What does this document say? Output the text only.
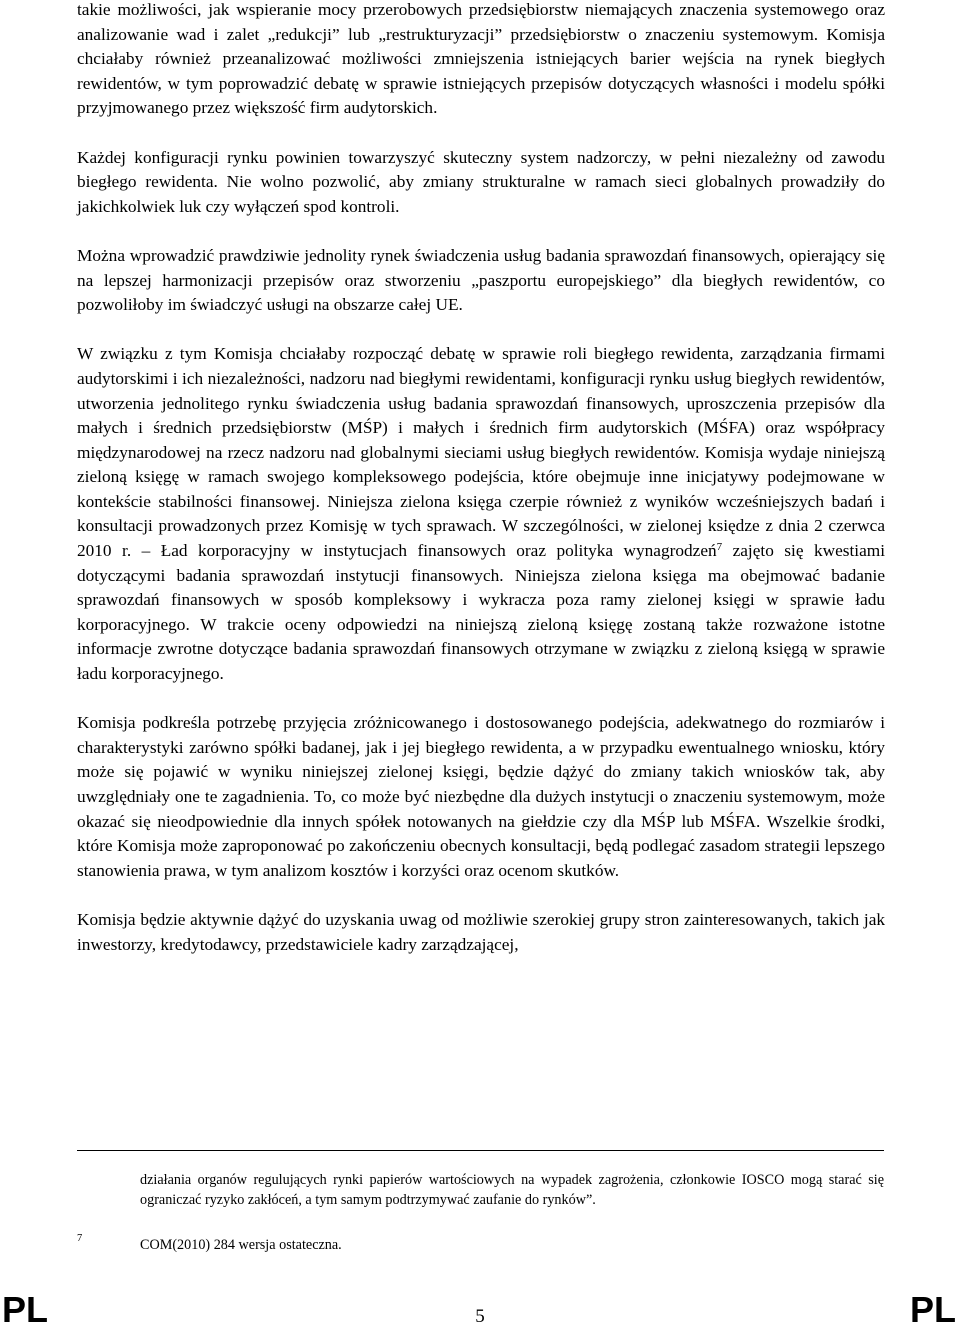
takie możliwości, jak wspieranie mocy przerobowych przedsiębiorstw niemających znaczenia systemowego oraz analizowanie wad i zalet „redukcji” lub „restrukturyzacji” przedsiębiorstw o znaczeniu systemowym. Komisja chciałaby również przeanalizować możliwości zmniejszenia istniejących barier wejścia na rynek biegłych rewidentów, w tym poprowadzić debatę w sprawie istniejących przepisów dotyczących własności i modelu spółki przyjmowanego przez większość firm audytorskich.

Każdej konfiguracji rynku powinien towarzyszyć skuteczny system nadzorczy, w pełni niezależny od zawodu biegłego rewidenta. Nie wolno pozwolić, aby zmiany strukturalne w ramach sieci globalnych prowadziły do jakichkolwiek luk czy wyłączeń spod kontroli.

Można wprowadzić prawdziwie jednolity rynek świadczenia usług badania sprawozdań finansowych, opierający się na lepszej harmonizacji przepisów oraz stworzeniu „paszportu europejskiego” dla biegłych rewidentów, co pozwoliłoby im świadczyć usługi na obszarze całej UE.

W związku z tym Komisja chciałaby rozpocząć debatę w sprawie roli biegłego rewidenta, zarządzania firmami audytorskimi i ich niezależności, nadzoru nad biegłymi rewidentami, konfiguracji rynku usług biegłych rewidentów, utworzenia jednolitego rynku świadczenia usług badania sprawozdań finansowych, uproszczenia przepisów dla małych i średnich przedsiębiorstw (MŚP) i małych i średnich firm audytorskich (MŚFA) oraz współpracy międzynarodowej na rzecz nadzoru nad globalnymi sieciami usług biegłych rewidentów. Komisja wydaje niniejszą zieloną księgę w ramach swojego kompleksowego podejścia, które obejmuje inne inicjatywy podejmowane w kontekście stabilności finansowej. Niniejsza zielona księga czerpie również z wyników wcześniejszych badań i konsultacji prowadzonych przez Komisję w tych sprawach. W szczególności, w zielonej księdze z dnia 2 czerwca 2010 r. – Ład korporacyjny w instytucjach finansowych oraz polityka wynagrodzeń$^7$ zajęto się kwestiami dotyczącymi badania sprawozdań instytucji finansowych. Niniejsza zielona księga ma obejmować badanie sprawozdań finansowych w sposób kompleksowy i wykracza poza ramy zielonej księgi w sprawie ładu korporacyjnego. W trakcie oceny odpowiedzi na niniejszą zieloną księgę zostaną także rozważone istotne informacje zwrotne dotyczące badania sprawozdań finansowych otrzymane w związku z zieloną księgą w sprawie ładu korporacyjnego.

Komisja podkreśla potrzebę przyjęcia zróżnicowanego i dostosowanego podejścia, adekwatnego do rozmiarów i charakterystyki zarówno spółki badanej, jak i jej biegłego rewidenta, a w przypadku ewentualnego wniosku, który może się pojawić w wyniku niniejszej zielonej księgi, będzie dążyć do zmiany takich wniosków tak, aby uwzględniały one te zagadnienia. To, co może być niezbędne dla dużych instytucji o znaczeniu systemowym, może okazać się nieodpowiednie dla innych spółek notowanych na giełdzie czy dla MŚP lub MŚFA. Wszelkie środki, które Komisja może zaproponować po zakończeniu obecnych konsultacji, będą podlegać zasadom strategii lepszego stanowienia prawa, w tym analizom kosztów i korzyści oraz ocenom skutków.

Komisja będzie aktywnie dążyć do uzyskania uwag od możliwie szerokiej grupy stron zainteresowanych, takich jak inwestorzy, kredytodawcy, przedstawiciele kadry zarządzającej,

działania organów regulujących rynki papierów wartościowych na wypadek zagrożenia, członkowie IOSCO mogą starać się ograniczać ryzyko zakłóceń, a tym samym podtrzymywać zaufanie do rynków”.
7	COM(2010) 284 wersja ostateczna.
PL	5	PL
